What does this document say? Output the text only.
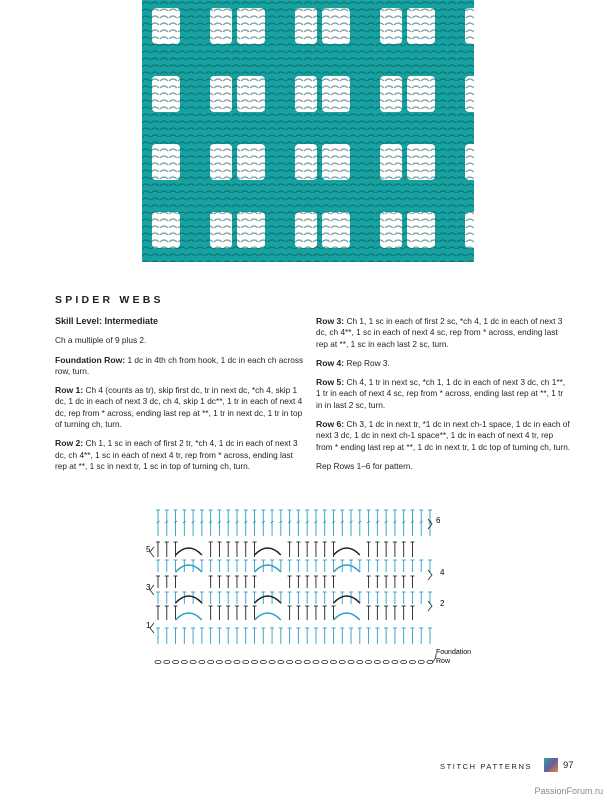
SPIDER WEBS

Skill Level: Intermediate

Ch a multiple of 9 plus 2.

Foundation Row: 1 dc in 4th ch from hook, 1 dc in each ch across row, turn.

Row 1: Ch 4 (counts as tr), skip first dc, tr in next dc, *ch 4, skip 1 dc, 1 dc in each of next 3 dc, ch 4, skip 1 dc**, 1 tr in each of next 4 dc, rep from * across, ending last rep at **, 1 tr in next dc, 1 tr in top of turning ch, turn.

Row 2: Ch 1, 1 sc in each of first 2 tr, *ch 4, 1 dc in each of next 3 dc, ch 4**, 1 sc in each of next 4 tr, rep from * across, ending last rep at **, 1 sc in next tr, 1 sc in top of turning ch, turn.

Row 3: Ch 1, 1 sc in each of first 2 sc, *ch 4, 1 dc in each of next 3 dc, ch 4**, 1 sc in each of next 4 sc, rep from * across, ending last rep at **, 1 sc in each last 2 sc, turn.

Row 4: Rep Row 3.

Row 5: Ch 4, 1 tr in next sc, *ch 1, 1 dc in each of next 3 dc, ch 1**, 1 tr in each of next 4 sc, rep from * across, ending last rep at **, 1 tr in in last 2 sc, turn.

Row 6: Ch 3, 1 dc in next tr, *1 dc in next ch-1 space, 1 dc in each of next 3 dc, 1 dc in next ch-1 space**, 1 dc in each of next 4 tr, rep from * ending last rep at **, 1 dc in next tr, 1 dc top of turning ch, turn.

Rep Rows 1–6 for pattern.

6
5
4
3
2
1
Foundation
Row
STITCH PATTERNS	97
PassionForum.ru
